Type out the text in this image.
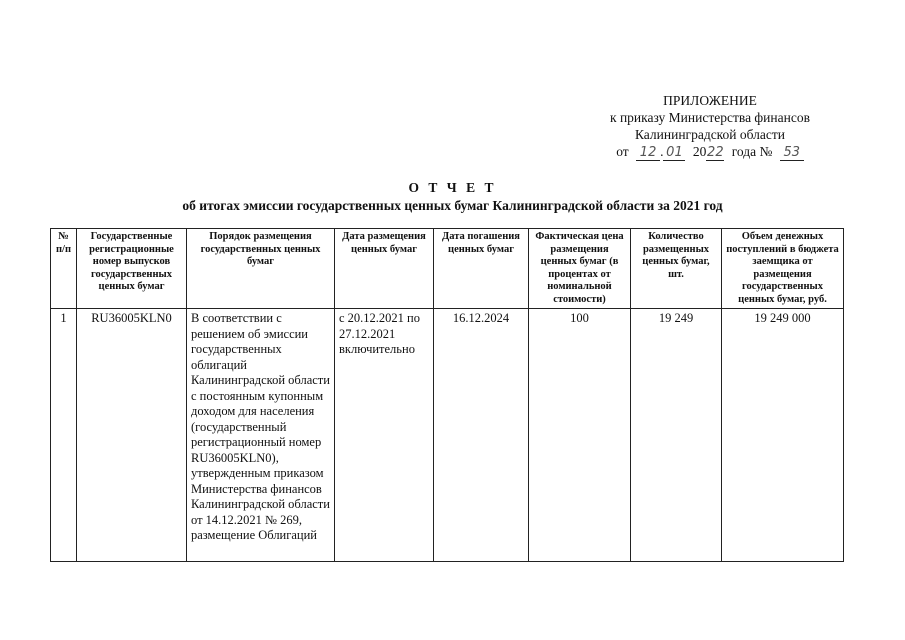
ПРИЛОЖЕНИЕ
к приказу Министерства финансов
Калининградской области
от 12 . 01 2022 года № 53
О Т Ч Е Т
об итогах эмиссии государственных ценных бумаг Калининградской области за 2021 год
№ п/п	Государственные регистрационные номер выпусков государственных ценных бумаг	Порядок размещения государственных ценных бумаг	Дата размещения ценных бумаг	Дата погашения ценных бумаг	Фактическая цена размещения ценных бумаг (в процентах от номинальной стоимости)	Количество размещенных ценных бумаг, шт.	Объем денежных поступлений в бюджета заемщика от размещения государственных ценных бумаг, руб.
1	RU36005KLN0	В соответствии с решением об эмиссии государственных облигаций Калининградской области с постоянным купонным доходом для населения (государственный регистрационный номер RU36005KLN0), утвержденным приказом Министерства финансов Калининградской области от 14.12.2021 № 269, размещение Облигаций	с 20.12.2021 по 27.12.2021 включительно	16.12.2024	100	19 249	19 249 000
